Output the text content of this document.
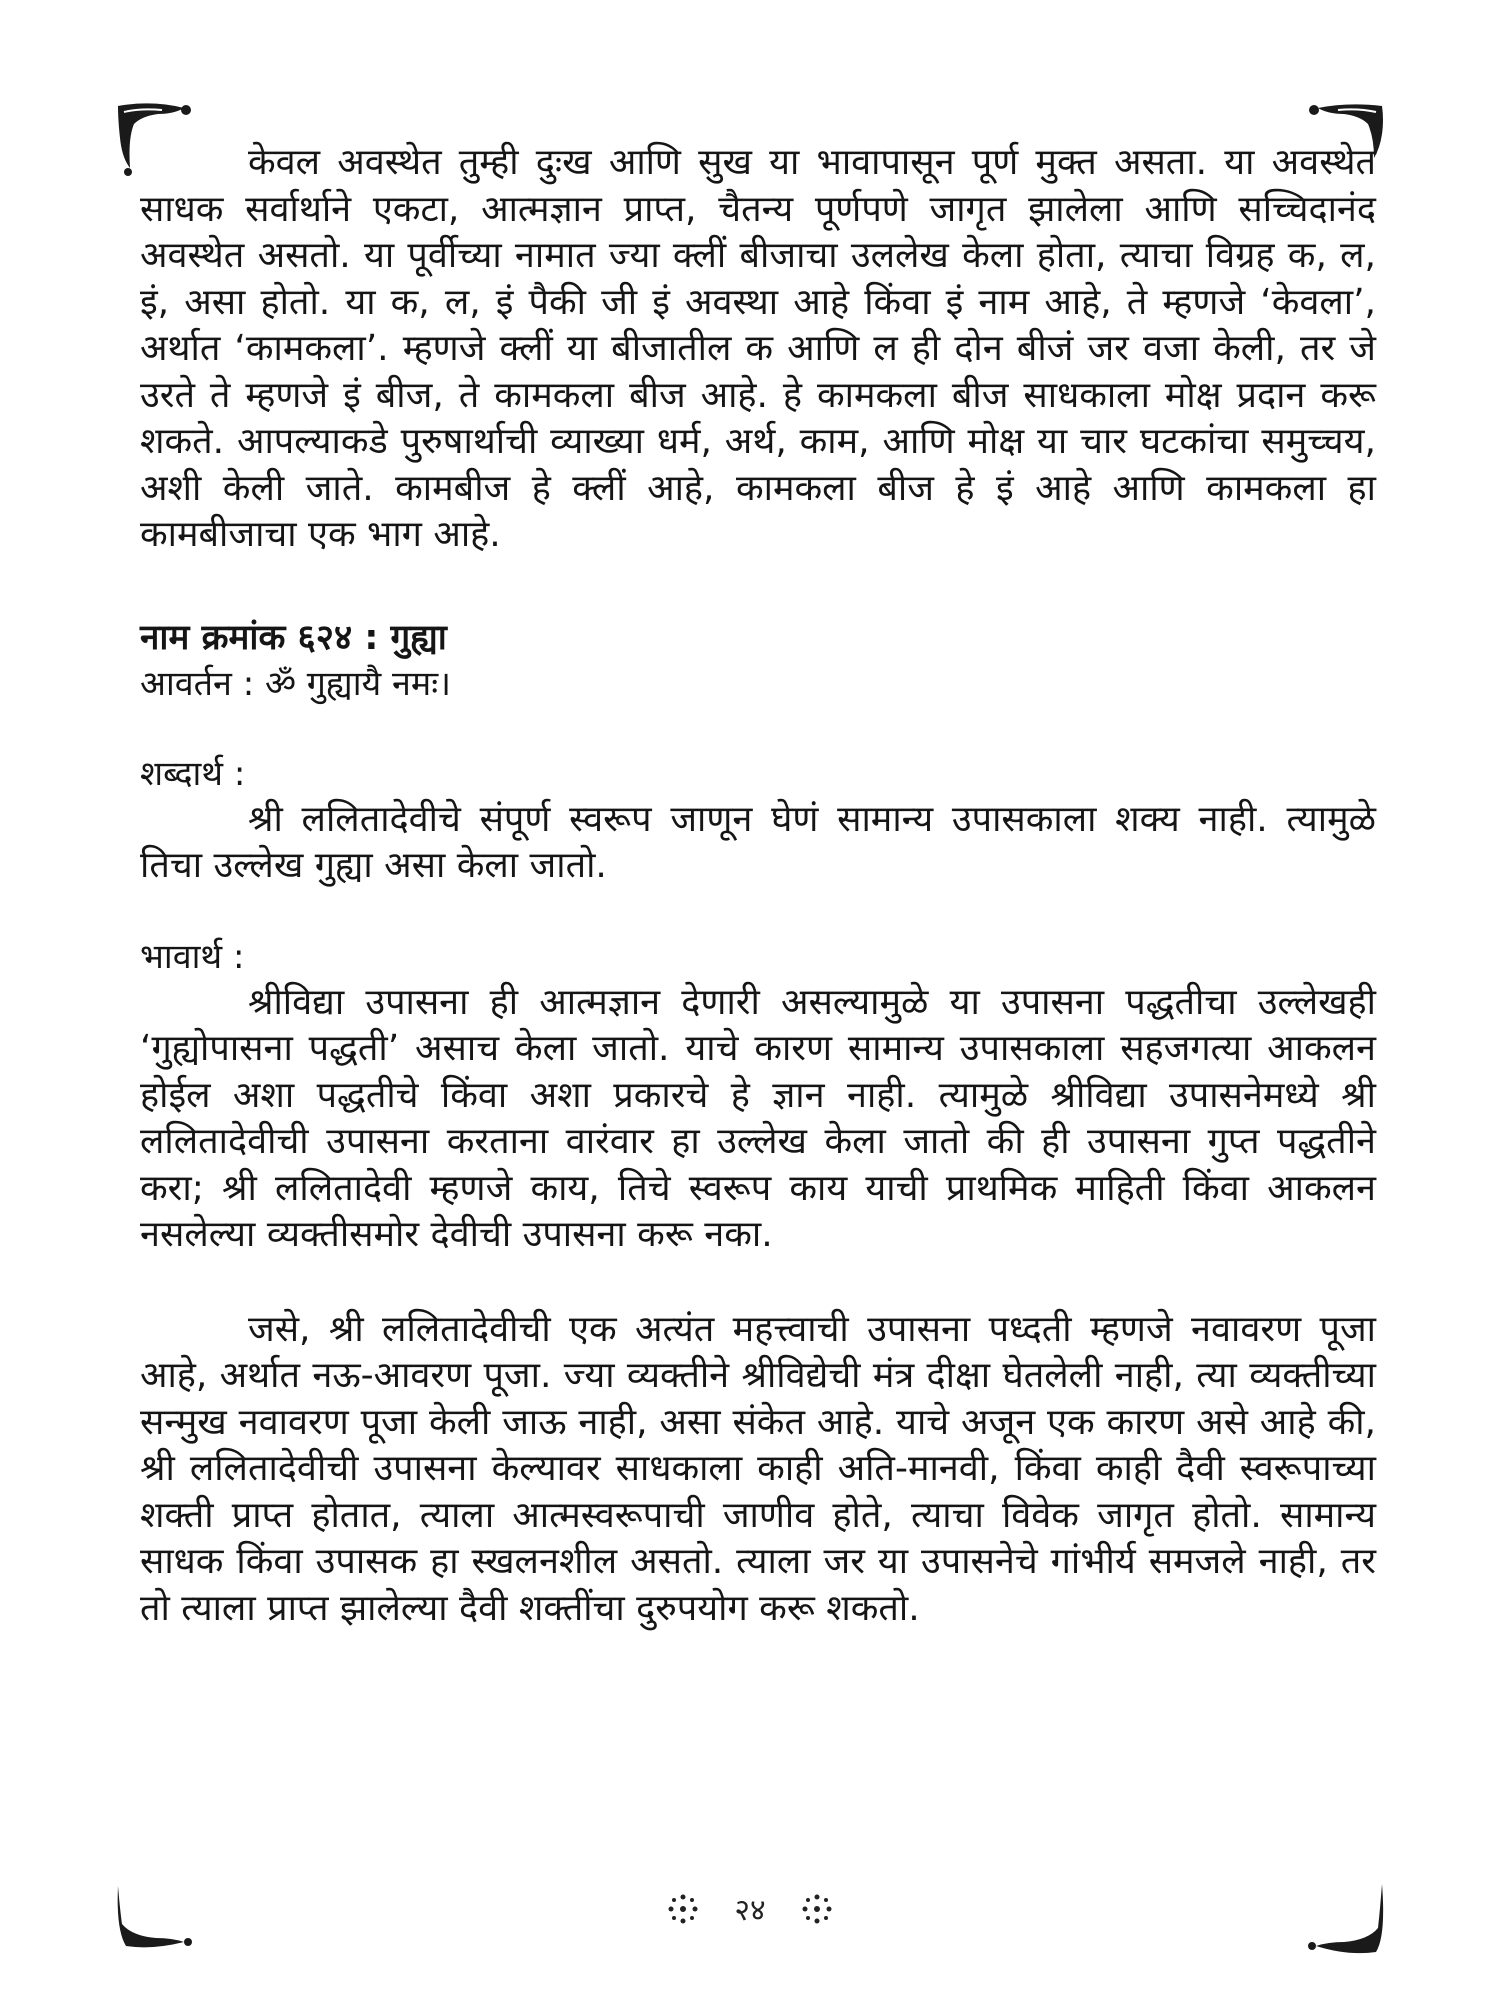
केवल अवस्थेत तुम्ही दुःख आणि सुख या भावापासून पूर्ण मुक्त असता. या अवस्थेत साधक सर्वार्थाने एकटा, आत्मज्ञान प्राप्त, चैतन्य पूर्णपणे जागृत झालेला आणि सच्चिदानंद अवस्थेत असतो. या पूर्वीच्या नामात ज्या क्लीं बीजाचा उललेख केला होता, त्याचा विग्रह क, ल, इं, असा होतो. या क, ल, इं पैकी जी इं अवस्था आहे किंवा इं नाम आहे, ते म्हणजे ‘केवला’, अर्थात ‘कामकला’. म्हणजे क्लीं या बीजातील क आणि ल ही दोन बीजं जर वजा केली, तर जे उरते ते म्हणजे इं बीज, ते कामकला बीज आहे. हे कामकला बीज साधकाला मोक्ष प्रदान करू शकते. आपल्याकडे पुरुषार्थाची व्याख्या धर्म, अर्थ, काम, आणि मोक्ष या चार घटकांचा समुच्चय, अशी केली जाते. कामबीज हे क्लीं आहे, कामकला बीज हे इं आहे आणि कामकला हा कामबीजाचा एक भाग आहे.

नाम क्रमांक ६२४ : गुह्या

आवर्तन : ॐ गुह्यायै नमः।

शब्दार्थ :

श्री ललितादेवीचे संपूर्ण स्वरूप जाणून घेणं सामान्य उपासकाला शक्य नाही. त्यामुळे तिचा उल्लेख गुह्या असा केला जातो.

भावार्थ :

श्रीविद्या उपासना ही आत्मज्ञान देणारी असल्यामुळे या उपासना पद्धतीचा उल्लेखही ‘गुह्योपासना पद्धती’ असाच केला जातो. याचे कारण सामान्य उपासकाला सहजगत्या आकलन होईल अशा पद्धतीचे किंवा अशा प्रकारचे हे ज्ञान नाही. त्यामुळे श्रीविद्या उपासनेमध्ये श्री ललितादेवीची उपासना करताना वारंवार हा उल्लेख केला जातो की ही उपासना गुप्त पद्धतीने करा; श्री ललितादेवी म्हणजे काय, तिचे स्वरूप काय याची प्राथमिक माहिती किंवा आकलन नसलेल्या व्यक्तीसमोर देवीची उपासना करू नका.

जसे, श्री ललितादेवीची एक अत्यंत महत्त्वाची उपासना पध्दती म्हणजे नवावरण पूजा आहे, अर्थात नऊ-आवरण पूजा. ज्या व्यक्तीने श्रीविद्येची मंत्र दीक्षा घेतलेली नाही, त्या व्यक्तीच्या सन्मुख नवावरण पूजा केली जाऊ नाही, असा संकेत आहे. याचे अजून एक कारण असे आहे की, श्री ललितादेवीची उपासना केल्यावर साधकाला काही अति-मानवी, किंवा काही दैवी स्वरूपाच्या शक्ती प्राप्त होतात, त्याला आत्मस्वरूपाची जाणीव होते, त्याचा विवेक जागृत होतो. सामान्य साधक किंवा उपासक हा स्खलनशील असतो. त्याला जर या उपासनेचे गांभीर्य समजले नाही, तर तो त्याला प्राप्त झालेल्या दैवी शक्तींचा दुरुपयोग करू शकतो.

२४
